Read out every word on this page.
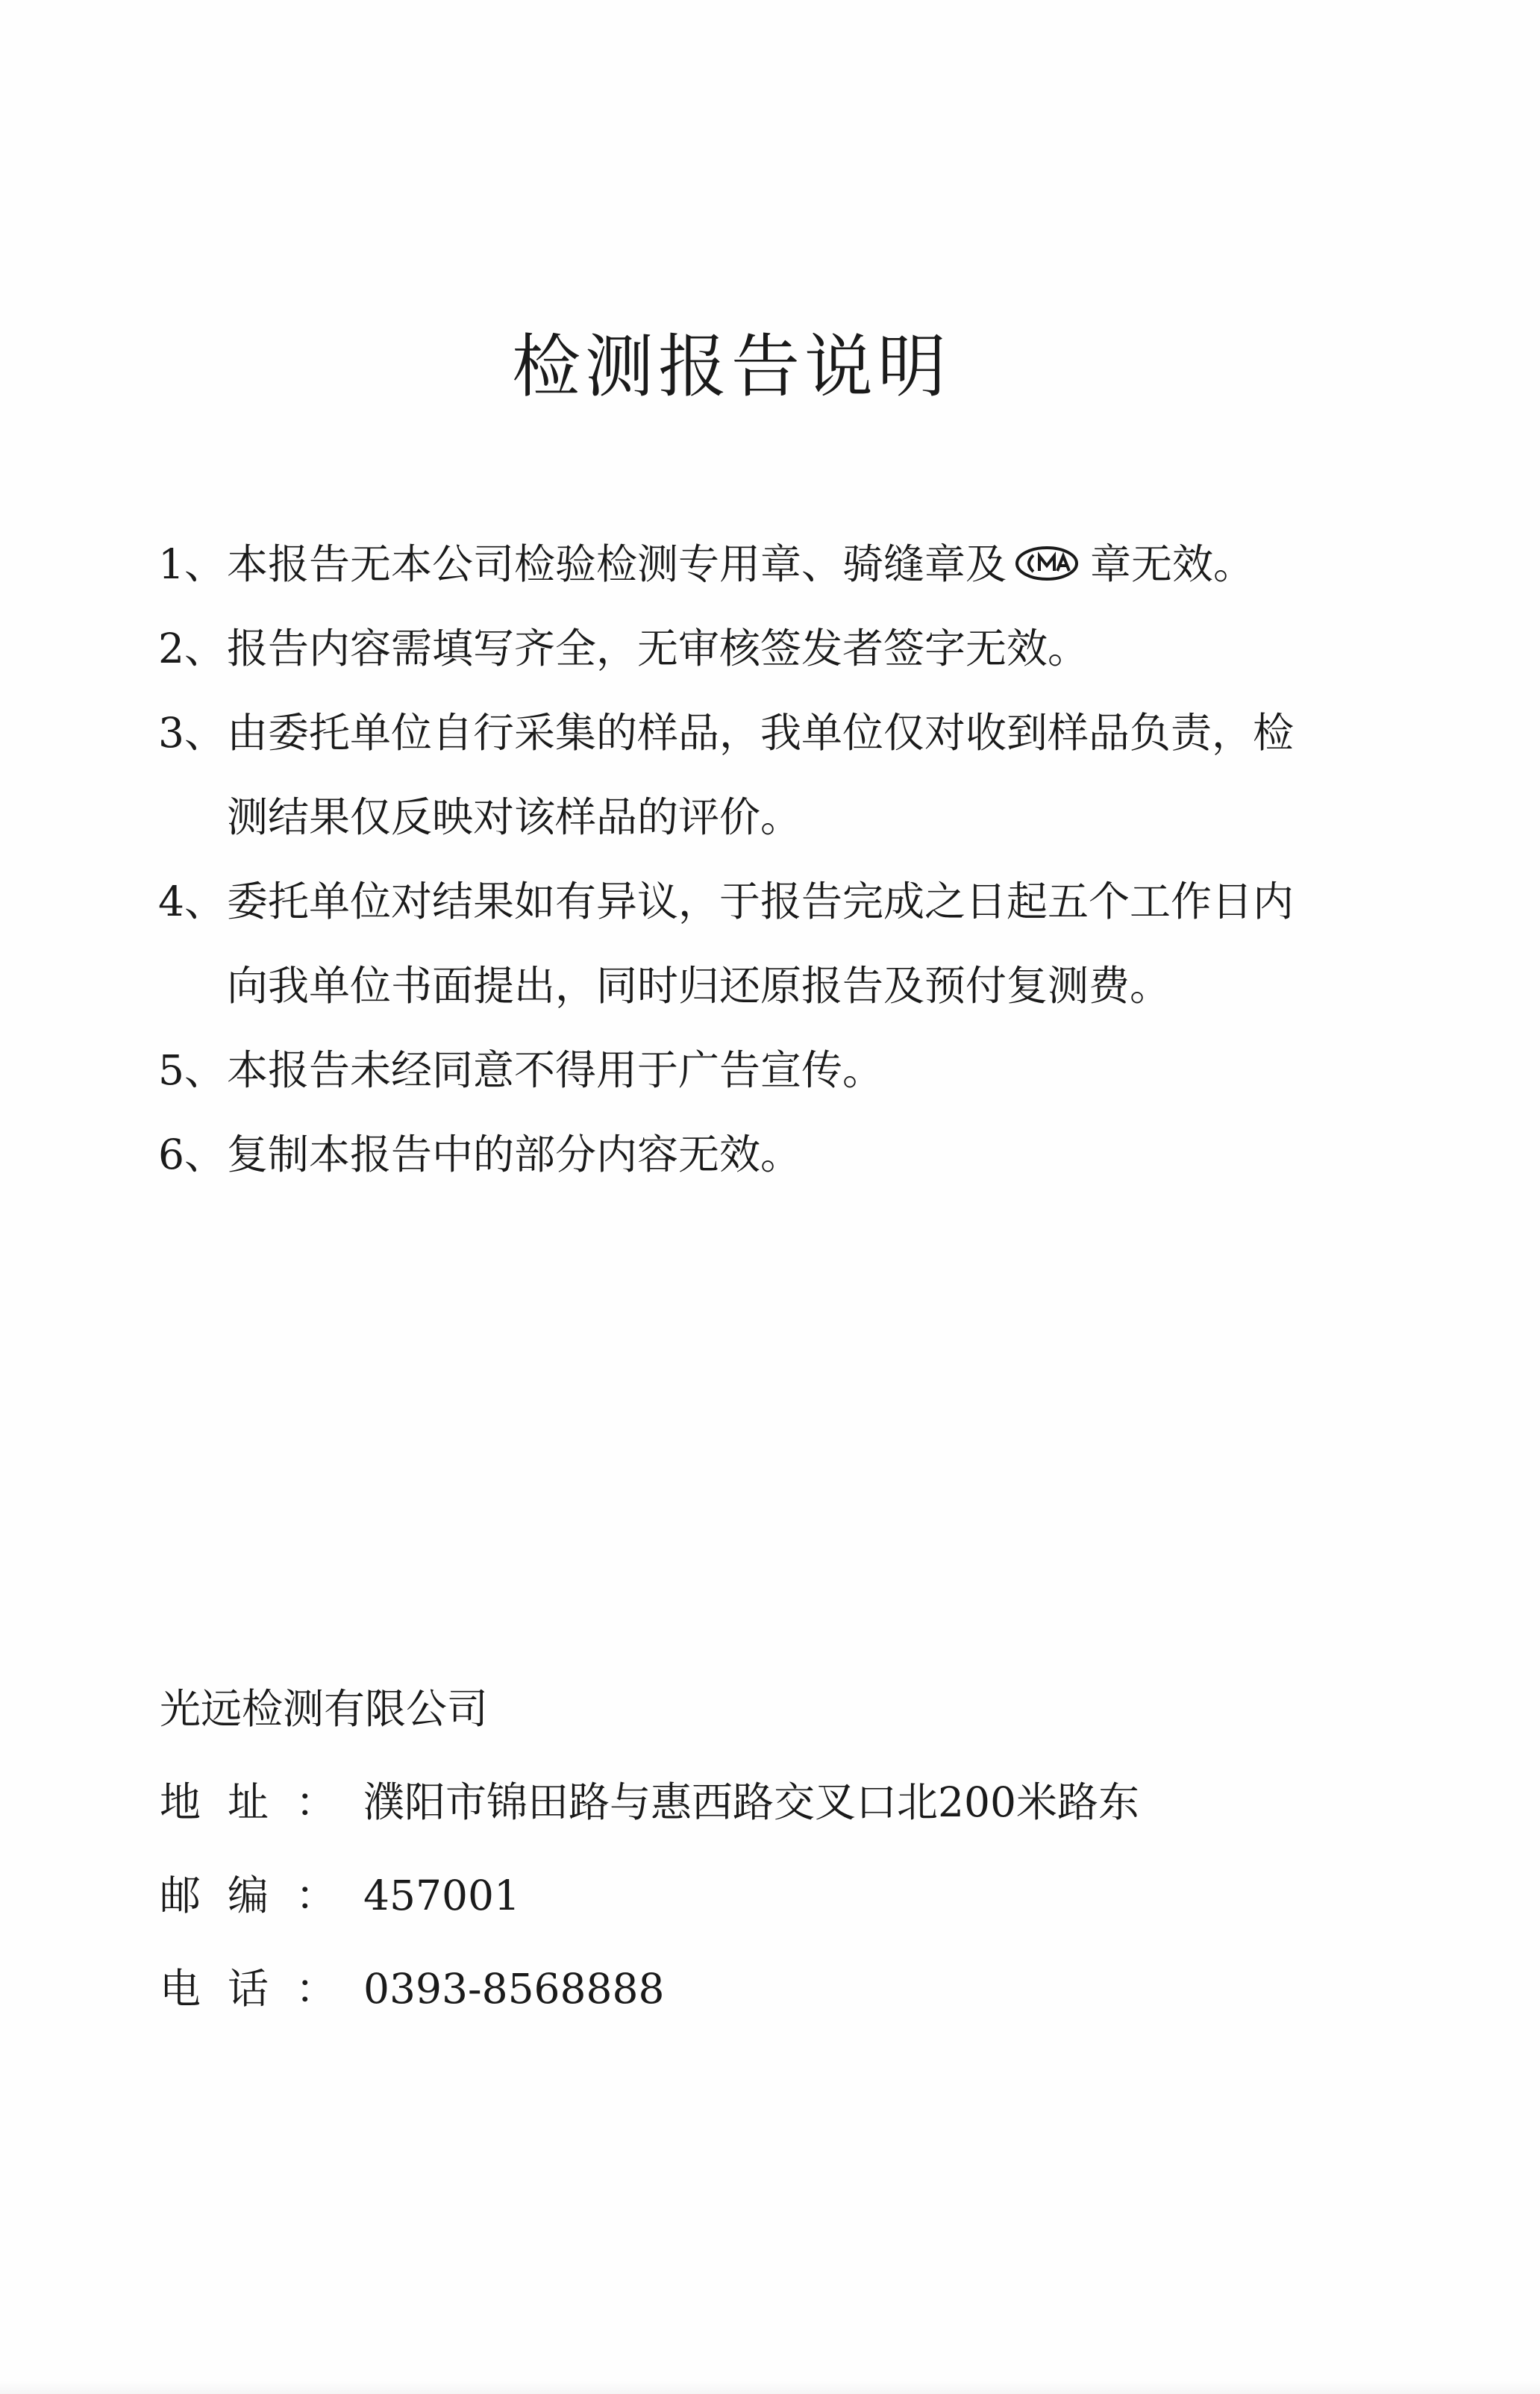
检测报告说明
1、 本报告无本公司检验检测专用章、骑缝章及 章无效。
2、 报告内容需填写齐全，无审核签发者签字无效。
3、 由委托单位自行采集的样品，我单位仅对收到样品负责，检测结果仅反映对该样品的评价。
4、 委托单位对结果如有异议，于报告完成之日起五个工作日内向我单位书面提出，同时归还原报告及预付复测费。
5、 本报告未经同意不得用于广告宣传。
6、 复制本报告中的部分内容无效。
光远检测有限公司
地址：濮阳市锦田路与惠西路交叉口北200米路东
邮编：457001
电话：0393-8568888
